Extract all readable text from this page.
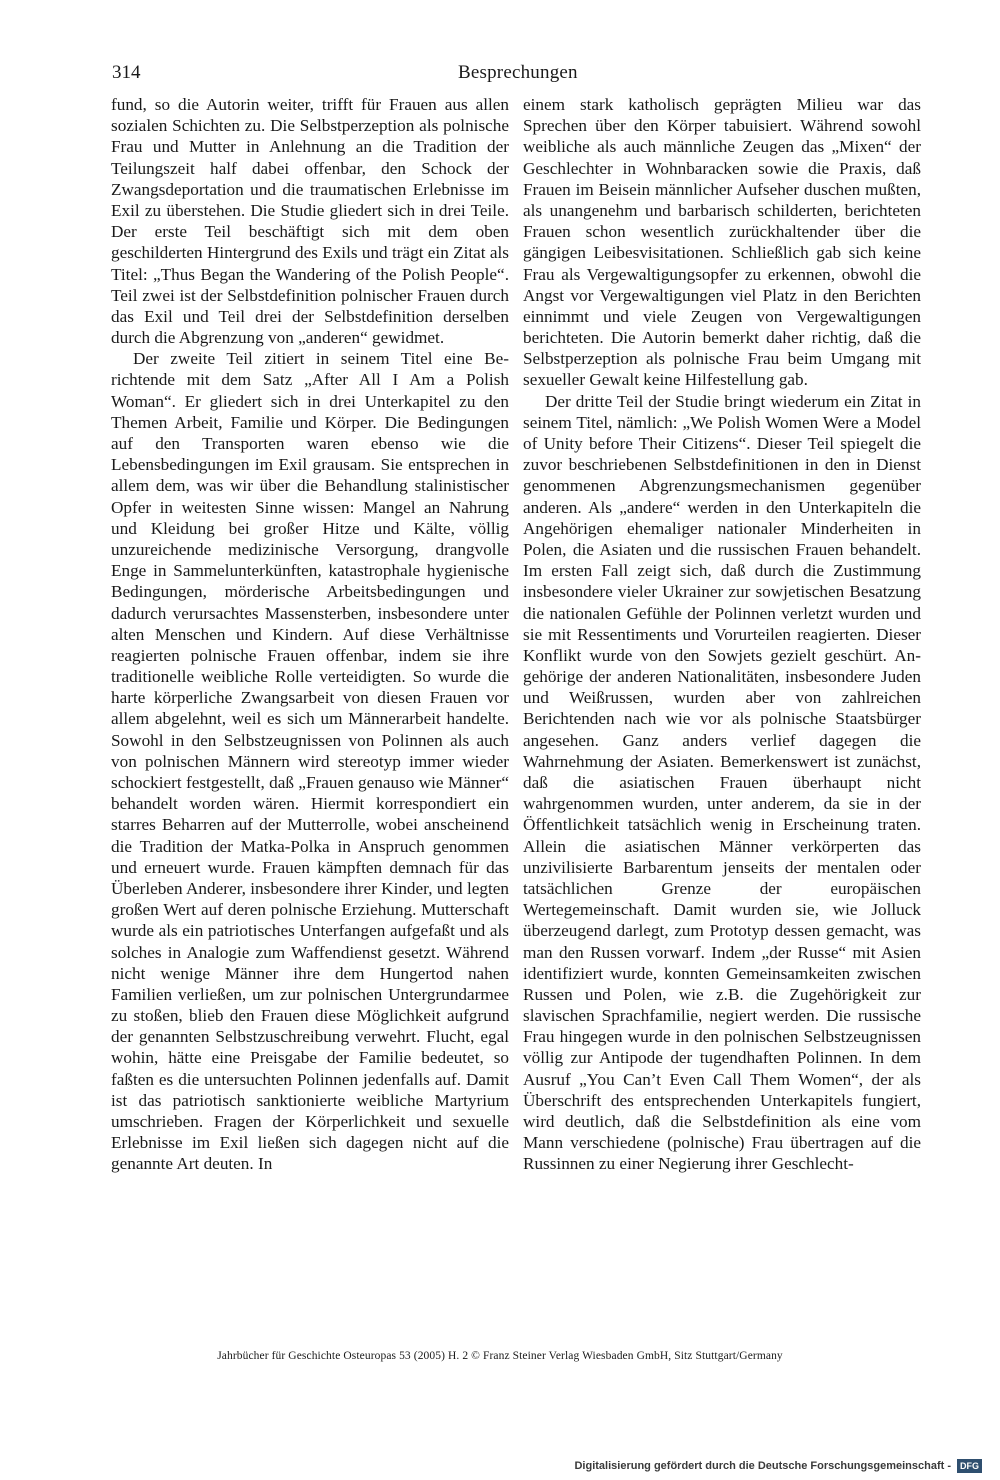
314	Besprechungen

fund, so die Autorin weiter, trifft für Frauen aus allen sozialen Schichten zu. Die Selbstperzeption als polnische Frau und Mutter in Anlehnung an die Tradition der Teilungszeit half dabei offenbar, den Schock der Zwangsdeportation und die traumatischen Erlebnisse im Exil zu überstehen. Die Studie gliedert sich in drei Teile. Der erste Teil beschäftigt sich mit dem oben geschilderten Hintergrund des Exils und trägt ein Zitat als Titel: „Thus Began the Wandering of the Polish People“. Teil zwei ist der Selbstdefinition polnischer Frauen durch das Exil und Teil drei der Selbstdefinition derselben durch die Abgrenzung von „anderen“ gewidmet.

Der zweite Teil zitiert in seinem Titel eine Berichtende mit dem Satz „After All I Am a Polish Woman“. Er gliedert sich in drei Unterkapitel zu den Themen Arbeit, Familie und Körper. Die Bedingungen auf den Transporten waren ebenso wie die Lebensbedingungen im Exil grausam. Sie entsprechen in allem dem, was wir über die Behandlung stalinistischer Opfer in weitesten Sinne wissen: Mangel an Nahrung und Kleidung bei großer Hitze und Kälte, völlig unzureichende medizinische Versorgung, drangvolle Enge in Sammelunterkünften, katastrophale hygienische Bedingungen, mörderische Arbeitsbedingungen und dadurch verursachtes Massensterben, insbesondere unter alten Menschen und Kindern. Auf diese Verhältnisse reagierten polnische Frauen offenbar, indem sie ihre traditionelle weibliche Rolle verteidigten. So wurde die harte körperliche Zwangsarbeit von diesen Frauen vor allem abgelehnt, weil es sich um Männerarbeit handelte. Sowohl in den Selbstzeugnissen von Polinnen als auch von polnischen Männern wird stereotyp immer wieder schockiert festgestellt, daß „Frauen genauso wie Männer“ behandelt worden wären. Hiermit korrespondiert ein starres Beharren auf der Mutterrolle, wobei anscheinend die Tradition der Matka-Polka in Anspruch genommen und erneuert wurde. Frauen kämpften demnach für das Überleben Anderer, insbesondere ihrer Kinder, und legten großen Wert auf deren polnische Erziehung. Mutterschaft wurde als ein patriotisches Unterfangen aufgefaßt und als solches in Analogie zum Waffendienst gesetzt. Während nicht wenige Männer ihre dem Hungertod nahen Familien verließen, um zur polnischen Untergrundarmee zu stoßen, blieb den Frauen diese Möglichkeit aufgrund der genannten Selbstzuschreibung verwehrt. Flucht, egal wohin, hätte eine Preisgabe der Familie bedeutet, so faßten es die untersuchten Polinnen jedenfalls auf. Damit ist das patriotisch sanktionierte weibliche Martyrium umschrieben. Fragen der Körperlichkeit und sexuelle Erlebnisse im Exil ließen sich dagegen nicht auf die genannte Art deuten. In

einem stark katholisch geprägten Milieu war das Sprechen über den Körper tabuisiert. Während sowohl weibliche als auch männliche Zeugen das „Mixen“ der Geschlechter in Wohnbaracken sowie die Praxis, daß Frauen im Beisein männlicher Aufseher duschen mußten, als unangenehm und barbarisch schilderten, berichteten Frauen schon wesentlich zurückhaltender über die gängigen Leibesvisitationen. Schließlich gab sich keine Frau als Vergewaltigungsopfer zu erkennen, obwohl die Angst vor Vergewaltigungen viel Platz in den Berichten einnimmt und viele Zeugen von Vergewaltigungen berichteten. Die Autorin bemerkt daher richtig, daß die Selbstperzeption als polnische Frau beim Umgang mit sexueller Gewalt keine Hilfestellung gab.

Der dritte Teil der Studie bringt wiederum ein Zitat in seinem Titel, nämlich: „We Polish Women Were a Model of Unity before Their Citizens“. Dieser Teil spiegelt die zuvor beschriebenen Selbstdefinitionen in den in Dienst genommenen Abgrenzungsmechanismen gegenüber anderen. Als „andere“ werden in den Unterkapiteln die Angehörigen ehemaliger nationaler Minderheiten in Polen, die Asiaten und die russischen Frauen behandelt. Im ersten Fall zeigt sich, daß durch die Zustimmung insbesondere vieler Ukrainer zur sowjetischen Besatzung die nationalen Gefühle der Polinnen verletzt wurden und sie mit Ressentiments und Vorurteilen reagierten. Dieser Konflikt wurde von den Sowjets gezielt geschürt. Angehörige der anderen Nationalitäten, insbesondere Juden und Weißrussen, wurden aber von zahlreichen Berichtenden nach wie vor als polnische Staatsbürger angesehen. Ganz anders verlief dagegen die Wahrnehmung der Asiaten. Bemerkenswert ist zunächst, daß die asiatischen Frauen überhaupt nicht wahrgenommen wurden, unter anderem, da sie in der Öffentlichkeit tatsächlich wenig in Erscheinung traten. Allein die asiatischen Männer verkörperten das unzivilisierte Barbarentum jenseits der mentalen oder tatsächlichen Grenze der europäischen Wertegemeinschaft. Damit wurden sie, wie Jolluck überzeugend darlegt, zum Prototyp dessen gemacht, was man den Russen vorwarf. Indem „der Russe“ mit Asien identifiziert wurde, konnten Gemeinsamkeiten zwischen Russen und Polen, wie z.B. die Zugehörigkeit zur slavischen Sprachfamilie, negiert werden. Die russische Frau hingegen wurde in den polnischen Selbstzeugnissen völlig zur Antipode der tugendhaften Polinnen. In dem Ausruf „You Can’t Even Call Them Women“, der als Überschrift des entsprechenden Unterkapitels fungiert, wird deutlich, daß die Selbstdefinition als eine vom Mann verschiedene (polnische) Frau übertragen auf die Russinnen zu einer Negierung ihrer Geschlecht-

Jahrbücher für Geschichte Osteuropas 53 (2005) H. 2 © Franz Steiner Verlag Wiesbaden GmbH, Sitz Stuttgart/Germany
Digitalisierung gefördert durch die Deutsche Forschungsgemeinschaft -	DFG
